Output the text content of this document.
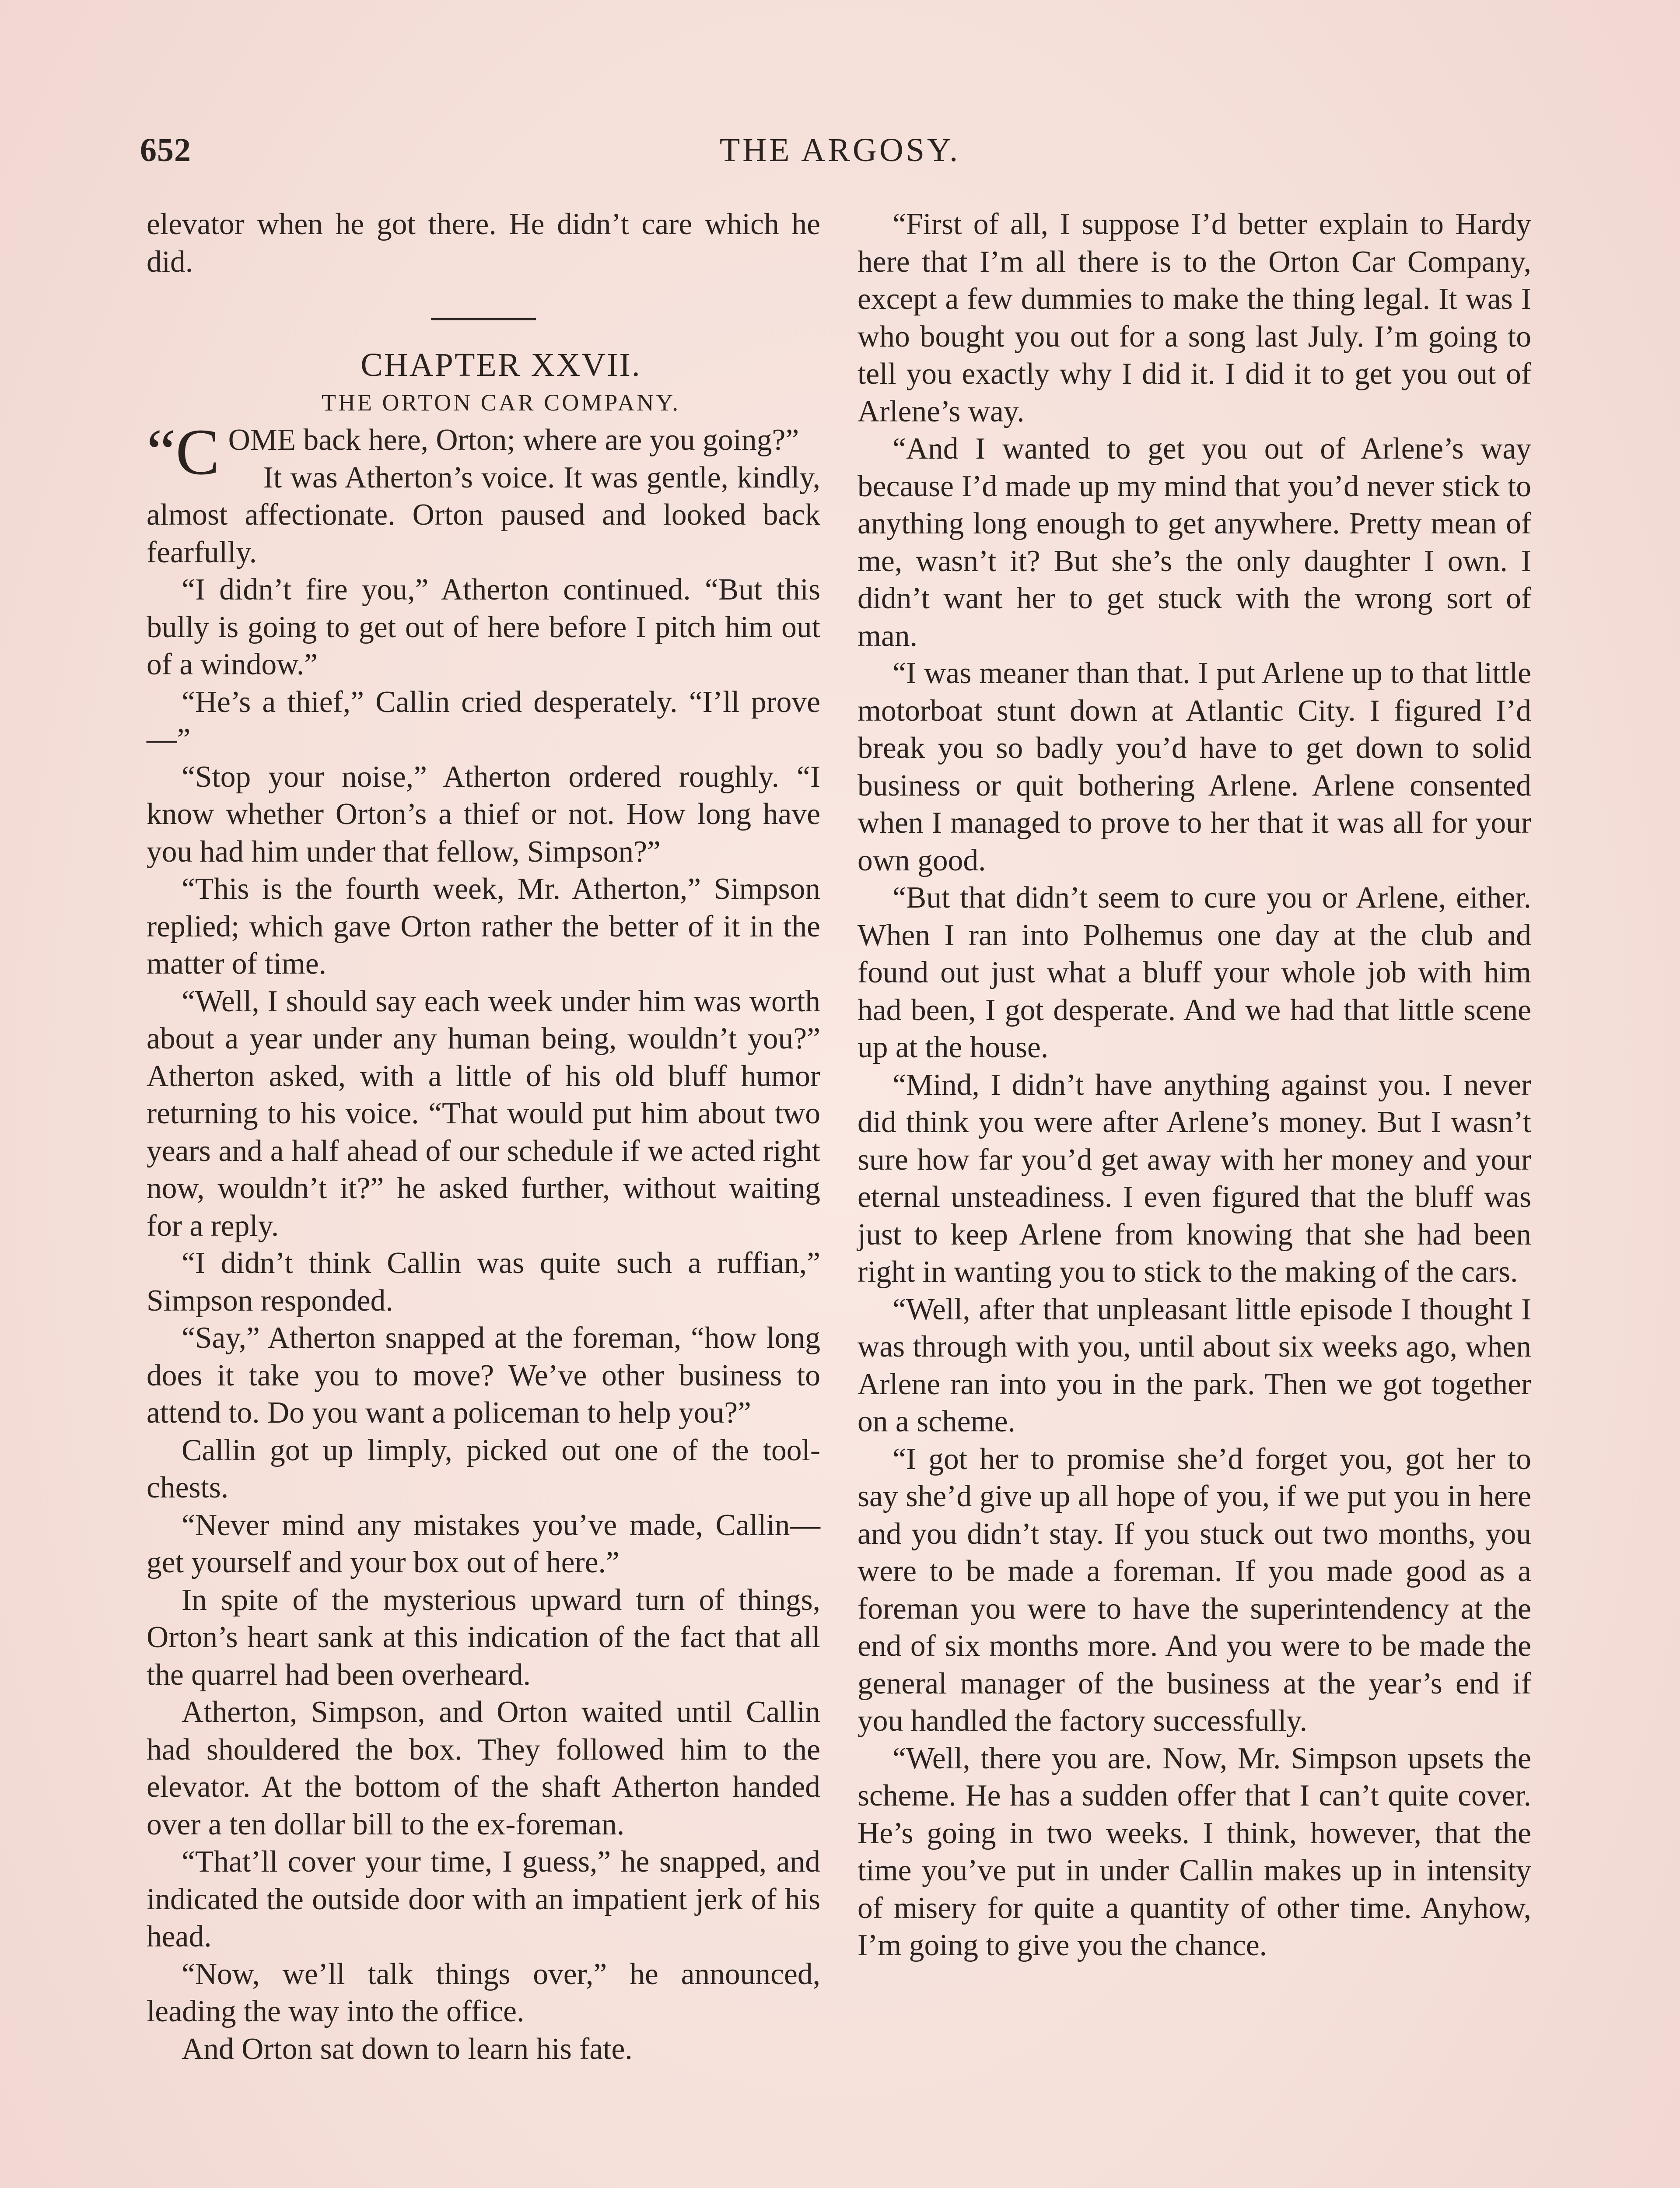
652	THE ARGOSY.

elevator when he got there. He didn’t care which he did.

CHAPTER XXVII.

THE ORTON CAR COMPANY.

“COME back here, Orton; where are you going?”

It was Atherton’s voice. It was gentle, kindly, almost affectionate. Orton paused and looked back fearfully.

“I didn’t fire you,” Atherton continued. “But this bully is going to get out of here before I pitch him out of a window.”

“He’s a thief,” Callin cried desperately. “I’ll prove—”

“Stop your noise,” Atherton ordered roughly. “I know whether Orton’s a thief or not. How long have you had him under that fellow, Simpson?”

“This is the fourth week, Mr. Atherton,” Simpson replied; which gave Orton rather the better of it in the matter of time.

“Well, I should say each week under him was worth about a year under any human being, wouldn’t you?” Atherton asked, with a little of his old bluff humor returning to his voice. “That would put him about two years and a half ahead of our schedule if we acted right now, wouldn’t it?” he asked further, without waiting for a reply.

“I didn’t think Callin was quite such a ruffian,” Simpson responded.

“Say,” Atherton snapped at the foreman, “how long does it take you to move? We’ve other business to attend to. Do you want a policeman to help you?”

Callin got up limply, picked out one of the tool-chests.

“Never mind any mistakes you’ve made, Callin—get yourself and your box out of here.”

In spite of the mysterious upward turn of things, Orton’s heart sank at this indication of the fact that all the quarrel had been overheard.

Atherton, Simpson, and Orton waited until Callin had shouldered the box. They followed him to the elevator. At the bottom of the shaft Atherton handed over a ten dollar bill to the ex-foreman.

“That’ll cover your time, I guess,” he snapped, and indicated the outside door with an impatient jerk of his head.

“Now, we’ll talk things over,” he announced, leading the way into the office.

And Orton sat down to learn his fate.

“First of all, I suppose I’d better explain to Hardy here that I’m all there is to the Orton Car Company, except a few dummies to make the thing legal. It was I who bought you out for a song last July. I’m going to tell you exactly why I did it. I did it to get you out of Arlene’s way.

“And I wanted to get you out of Arlene’s way because I’d made up my mind that you’d never stick to anything long enough to get anywhere. Pretty mean of me, wasn’t it? But she’s the only daughter I own. I didn’t want her to get stuck with the wrong sort of man.

“I was meaner than that. I put Arlene up to that little motorboat stunt down at Atlantic City. I figured I’d break you so badly you’d have to get down to solid business or quit bothering Arlene. Arlene consented when I managed to prove to her that it was all for your own good.

“But that didn’t seem to cure you or Arlene, either. When I ran into Polhemus one day at the club and found out just what a bluff your whole job with him had been, I got desperate. And we had that little scene up at the house.

“Mind, I didn’t have anything against you. I never did think you were after Arlene’s money. But I wasn’t sure how far you’d get away with her money and your eternal unsteadiness. I even figured that the bluff was just to keep Arlene from knowing that she had been right in wanting you to stick to the making of the cars.

“Well, after that unpleasant little episode I thought I was through with you, until about six weeks ago, when Arlene ran into you in the park. Then we got together on a scheme.

“I got her to promise she’d forget you, got her to say she’d give up all hope of you, if we put you in here and you didn’t stay. If you stuck out two months, you were to be made a foreman. If you made good as a foreman you were to have the superintendency at the end of six months more. And you were to be made the general manager of the business at the year’s end if you handled the factory successfully.

“Well, there you are. Now, Mr. Simpson upsets the scheme. He has a sudden offer that I can’t quite cover. He’s going in two weeks. I think, however, that the time you’ve put in under Callin makes up in intensity of misery for quite a quantity of other time. Anyhow, I’m going to give you the chance.
